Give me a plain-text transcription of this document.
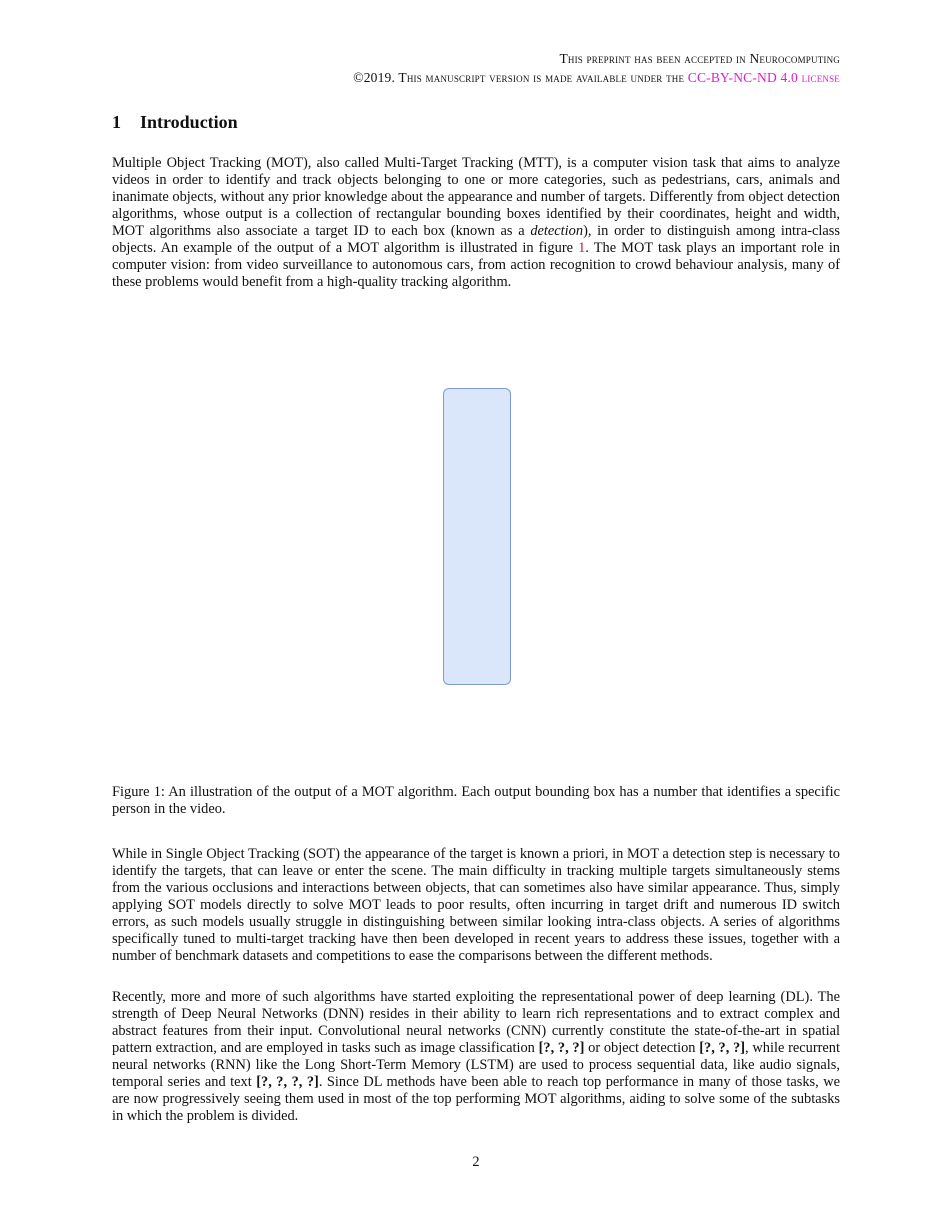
This preprint has been accepted in Neurocomputing
©2019. This manuscript version is made available under the CC-BY-NC-ND 4.0 license
1 Introduction
Multiple Object Tracking (MOT), also called Multi-Target Tracking (MTT), is a computer vision task that aims to analyze videos in order to identify and track objects belonging to one or more categories, such as pedestrians, cars, animals and inanimate objects, without any prior knowledge about the appearance and number of targets. Differently from object detection algorithms, whose output is a collection of rectangular bounding boxes identified by their coordinates, height and width, MOT algorithms also associate a target ID to each box (known as a detection), in order to distinguish among intra-class objects. An example of the output of a MOT algorithm is illustrated in figure 1. The MOT task plays an important role in computer vision: from video surveillance to autonomous cars, from action recognition to crowd behaviour analysis, many of these problems would benefit from a high-quality tracking algorithm.
Figure 1: An illustration of the output of a MOT algorithm. Each output bounding box has a number that identifies a specific person in the video.
While in Single Object Tracking (SOT) the appearance of the target is known a priori, in MOT a detection step is necessary to identify the targets, that can leave or enter the scene. The main difficulty in tracking multiple targets simultaneously stems from the various occlusions and interactions between objects, that can sometimes also have similar appearance. Thus, simply applying SOT models directly to solve MOT leads to poor results, often incurring in target drift and numerous ID switch errors, as such models usually struggle in distinguishing between similar looking intra-class objects. A series of algorithms specifically tuned to multi-target tracking have then been developed in recent years to address these issues, together with a number of benchmark datasets and competitions to ease the comparisons between the different methods.
Recently, more and more of such algorithms have started exploiting the representational power of deep learning (DL). The strength of Deep Neural Networks (DNN) resides in their ability to learn rich representations and to extract complex and abstract features from their input. Convolutional neural networks (CNN) currently constitute the state-of-the-art in spatial pattern extraction, and are employed in tasks such as image classification [?, ?, ?] or object detection [?, ?, ?], while recurrent neural networks (RNN) like the Long Short-Term Memory (LSTM) are used to process sequential data, like audio signals, temporal series and text [?, ?, ?, ?]. Since DL methods have been able to reach top performance in many of those tasks, we are now progressively seeing them used in most of the top performing MOT algorithms, aiding to solve some of the subtasks in which the problem is divided.
2
